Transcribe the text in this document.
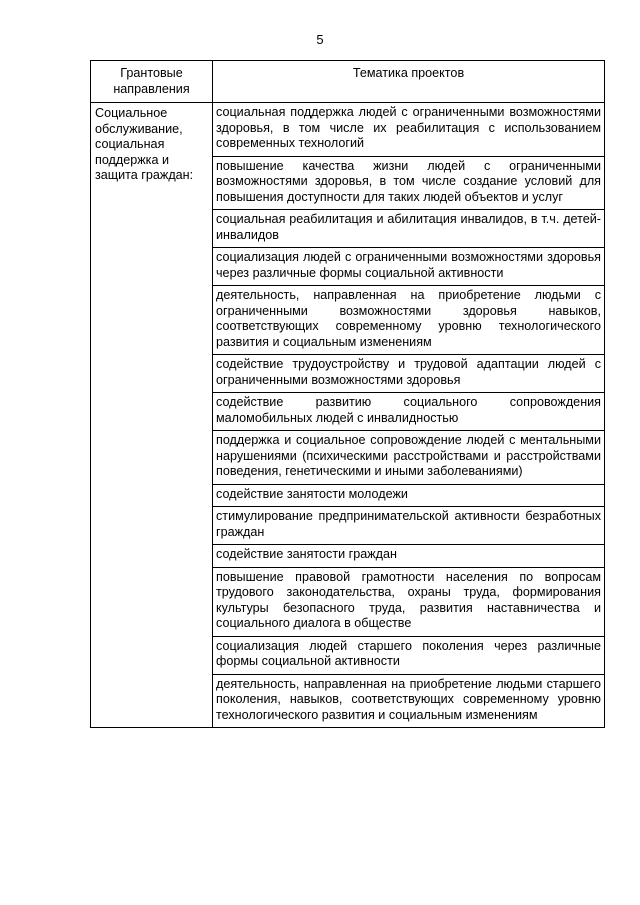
5
Грантовые направления	Тематика проектов
Социальное обслуживание, социальная поддержка и защита граждан:	социальная поддержка людей с ограниченными возможностями здоровья, в том числе их реабилитация с использованием современных технологий
	повышение качества жизни людей с ограниченными возможностями здоровья, в том числе создание условий для повышения доступности для таких людей объектов и услуг
	социальная реабилитация и абилитация инвалидов, в т.ч. детей-инвалидов
	социализация людей с ограниченными возможностями здоровья через различные формы социальной активности
	деятельность, направленная на приобретение людьми с ограниченными возможностями здоровья навыков, соответствующих современному уровню технологического развития и социальным изменениям
	содействие трудоустройству и трудовой адаптации людей с ограниченными возможностями здоровья
	содействие развитию социального сопровождения маломобильных людей с инвалидностью
	поддержка и социальное сопровождение людей с ментальными нарушениями (психическими расстройствами и расстройствами поведения, генетическими и иными заболеваниями)
	содействие занятости молодежи
	стимулирование предпринимательской активности безработных граждан
	содействие занятости граждан
	повышение правовой грамотности населения по вопросам трудового законодательства, охраны труда, формирования культуры безопасного труда, развития наставничества и социального диалога в обществе
	социализация людей старшего поколения через различные формы социальной активности
	деятельность, направленная на приобретение людьми старшего поколения, навыков, соответствующих современному уровню технологического развития и социальным изменениям
